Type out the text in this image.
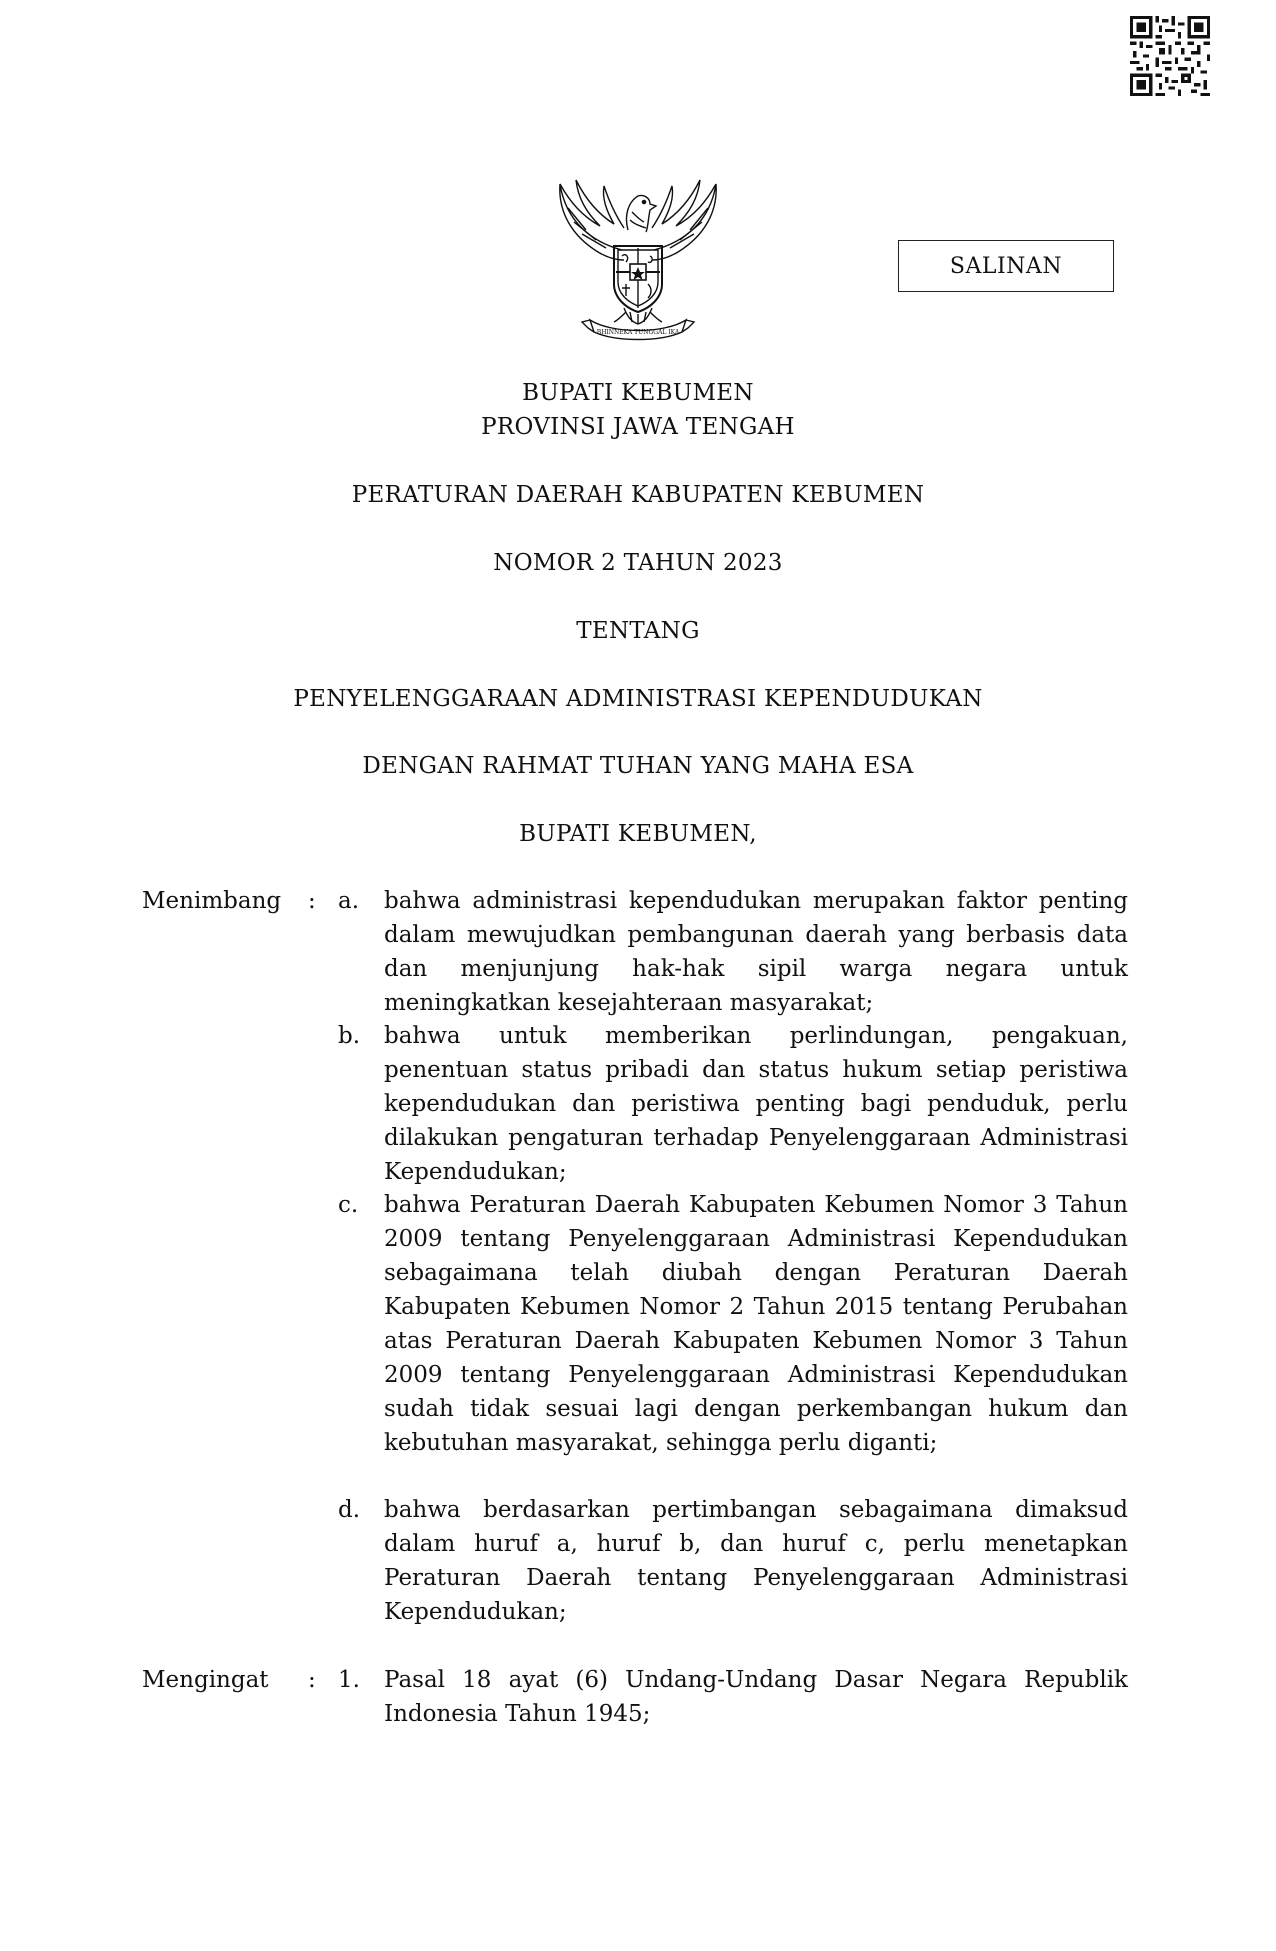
BHINNEKA TUNGGAL IKA
SALINAN
BUPATI KEBUMEN
PROVINSI JAWA TENGAH
PERATURAN DAERAH KABUPATEN KEBUMEN
NOMOR 2 TAHUN 2023
TENTANG
PENYELENGGARAAN ADMINISTRASI KEPENDUDUKAN
DENGAN RAHMAT TUHAN YANG MAHA ESA
BUPATI KEBUMEN,
Menimbang : a. bahwa administrasi kependudukan merupakan faktor penting dalam mewujudkan pembangunan daerah yang berbasis data dan menjunjung hak-hak sipil warga negara untuk meningkatkan kesejahteraan masyarakat;
b. bahwa untuk memberikan perlindungan, pengakuan, penentuan status pribadi dan status hukum setiap peristiwa kependudukan dan peristiwa penting bagi penduduk, perlu dilakukan pengaturan terhadap Penyelenggaraan Administrasi Kependudukan;
c. bahwa Peraturan Daerah Kabupaten Kebumen Nomor 3 Tahun 2009 tentang Penyelenggaraan Administrasi Kependudukan sebagaimana telah diubah dengan Peraturan Daerah Kabupaten Kebumen Nomor 2 Tahun 2015 tentang Perubahan atas Peraturan Daerah Kabupaten Kebumen Nomor 3 Tahun 2009 tentang Penyelenggaraan Administrasi Kependudukan sudah tidak sesuai lagi dengan perkembangan hukum dan kebutuhan masyarakat, sehingga perlu diganti;
d. bahwa berdasarkan pertimbangan sebagaimana dimaksud dalam huruf a, huruf b, dan huruf c, perlu menetapkan Peraturan Daerah tentang Penyelenggaraan Administrasi Kependudukan;
Mengingat : 1. Pasal 18 ayat (6) Undang-Undang Dasar Negara Republik Indonesia Tahun 1945;
